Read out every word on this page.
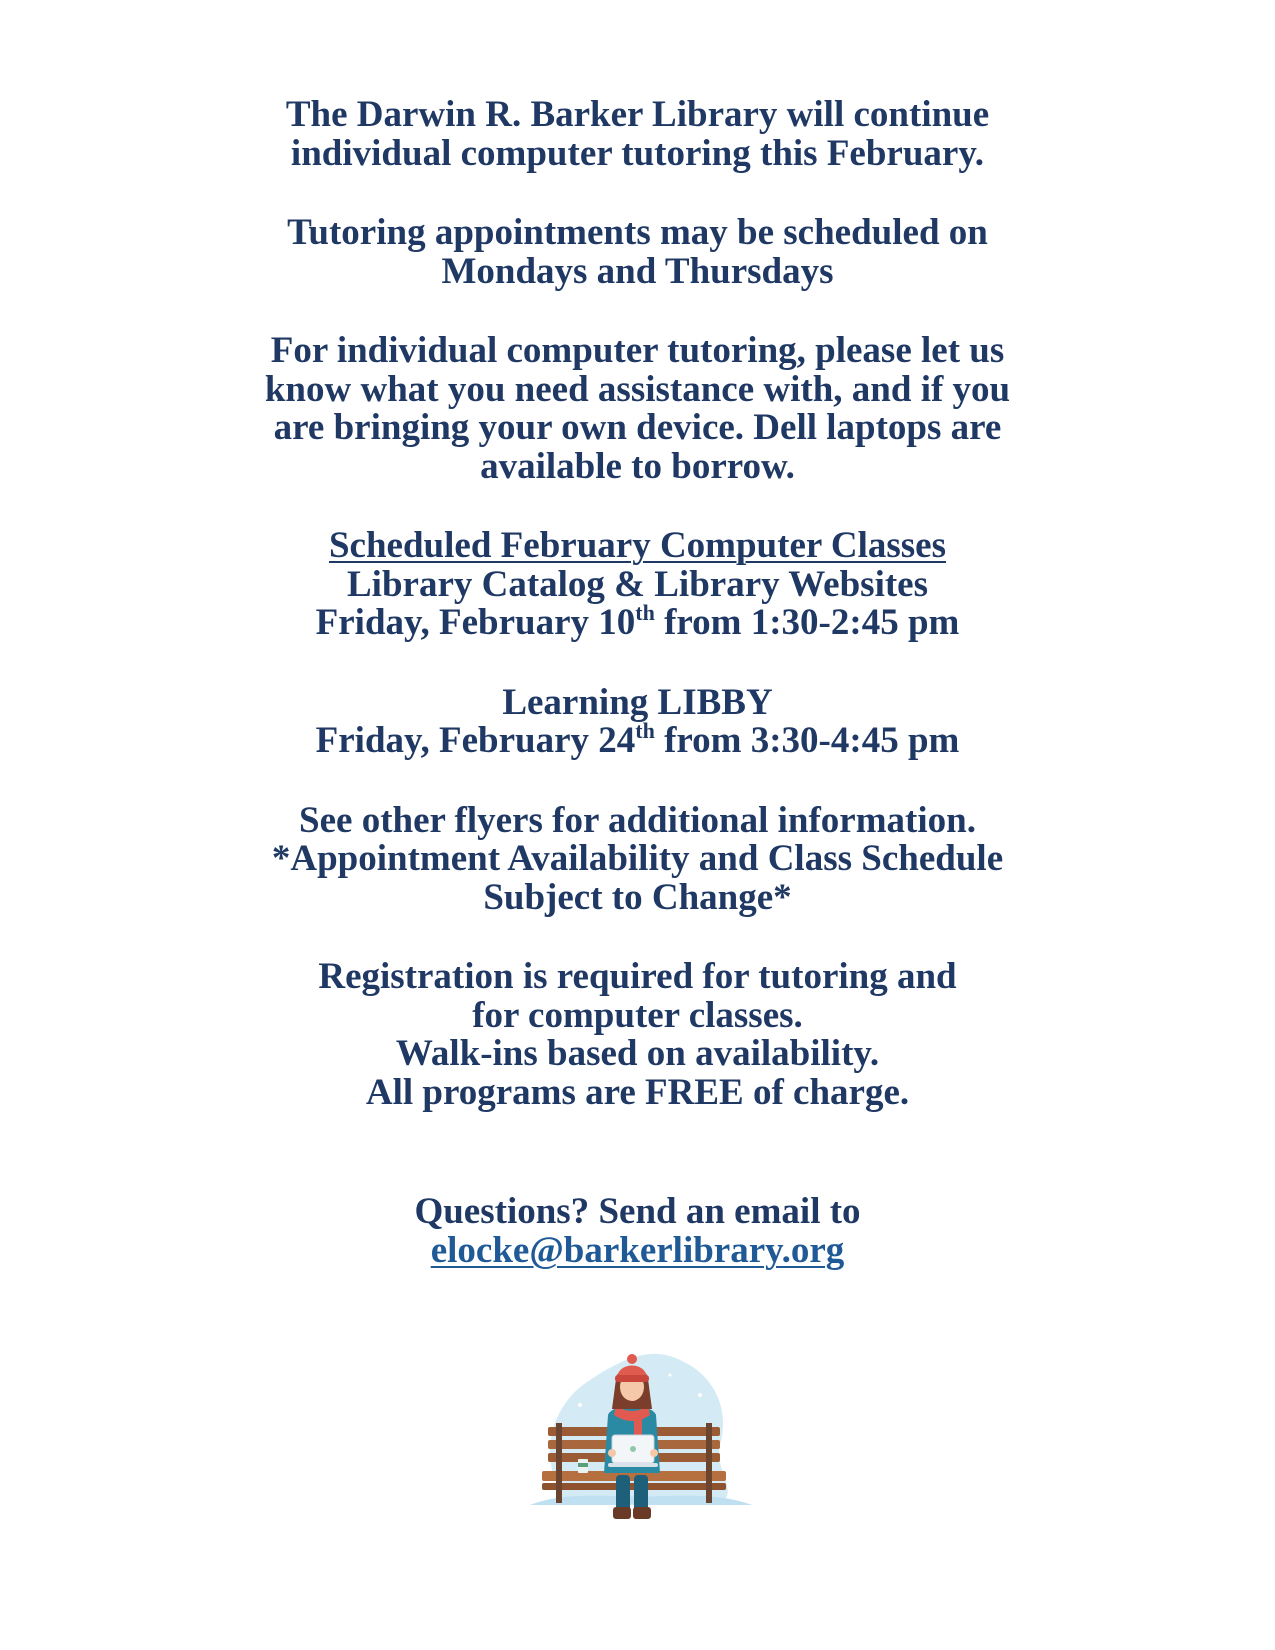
The Darwin R. Barker Library will continue
individual computer tutoring this February.
Tutoring appointments may be scheduled on
Mondays and Thursdays
For individual computer tutoring, please let us
know what you need assistance with, and if you
are bringing your own device. Dell laptops are
available to borrow.
Scheduled February Computer Classes
Library Catalog & Library Websites
Friday, February 10th from 1:30-2:45 pm
Learning LIBBY
Friday, February 24th from 3:30-4:45 pm
See other flyers for additional information.
*Appointment Availability and Class Schedule
Subject to Change*
Registration is required for tutoring and
for computer classes.
Walk-ins based on availability.
All programs are FREE of charge.
Questions? Send an email to
elocke@barkerlibrary.org
